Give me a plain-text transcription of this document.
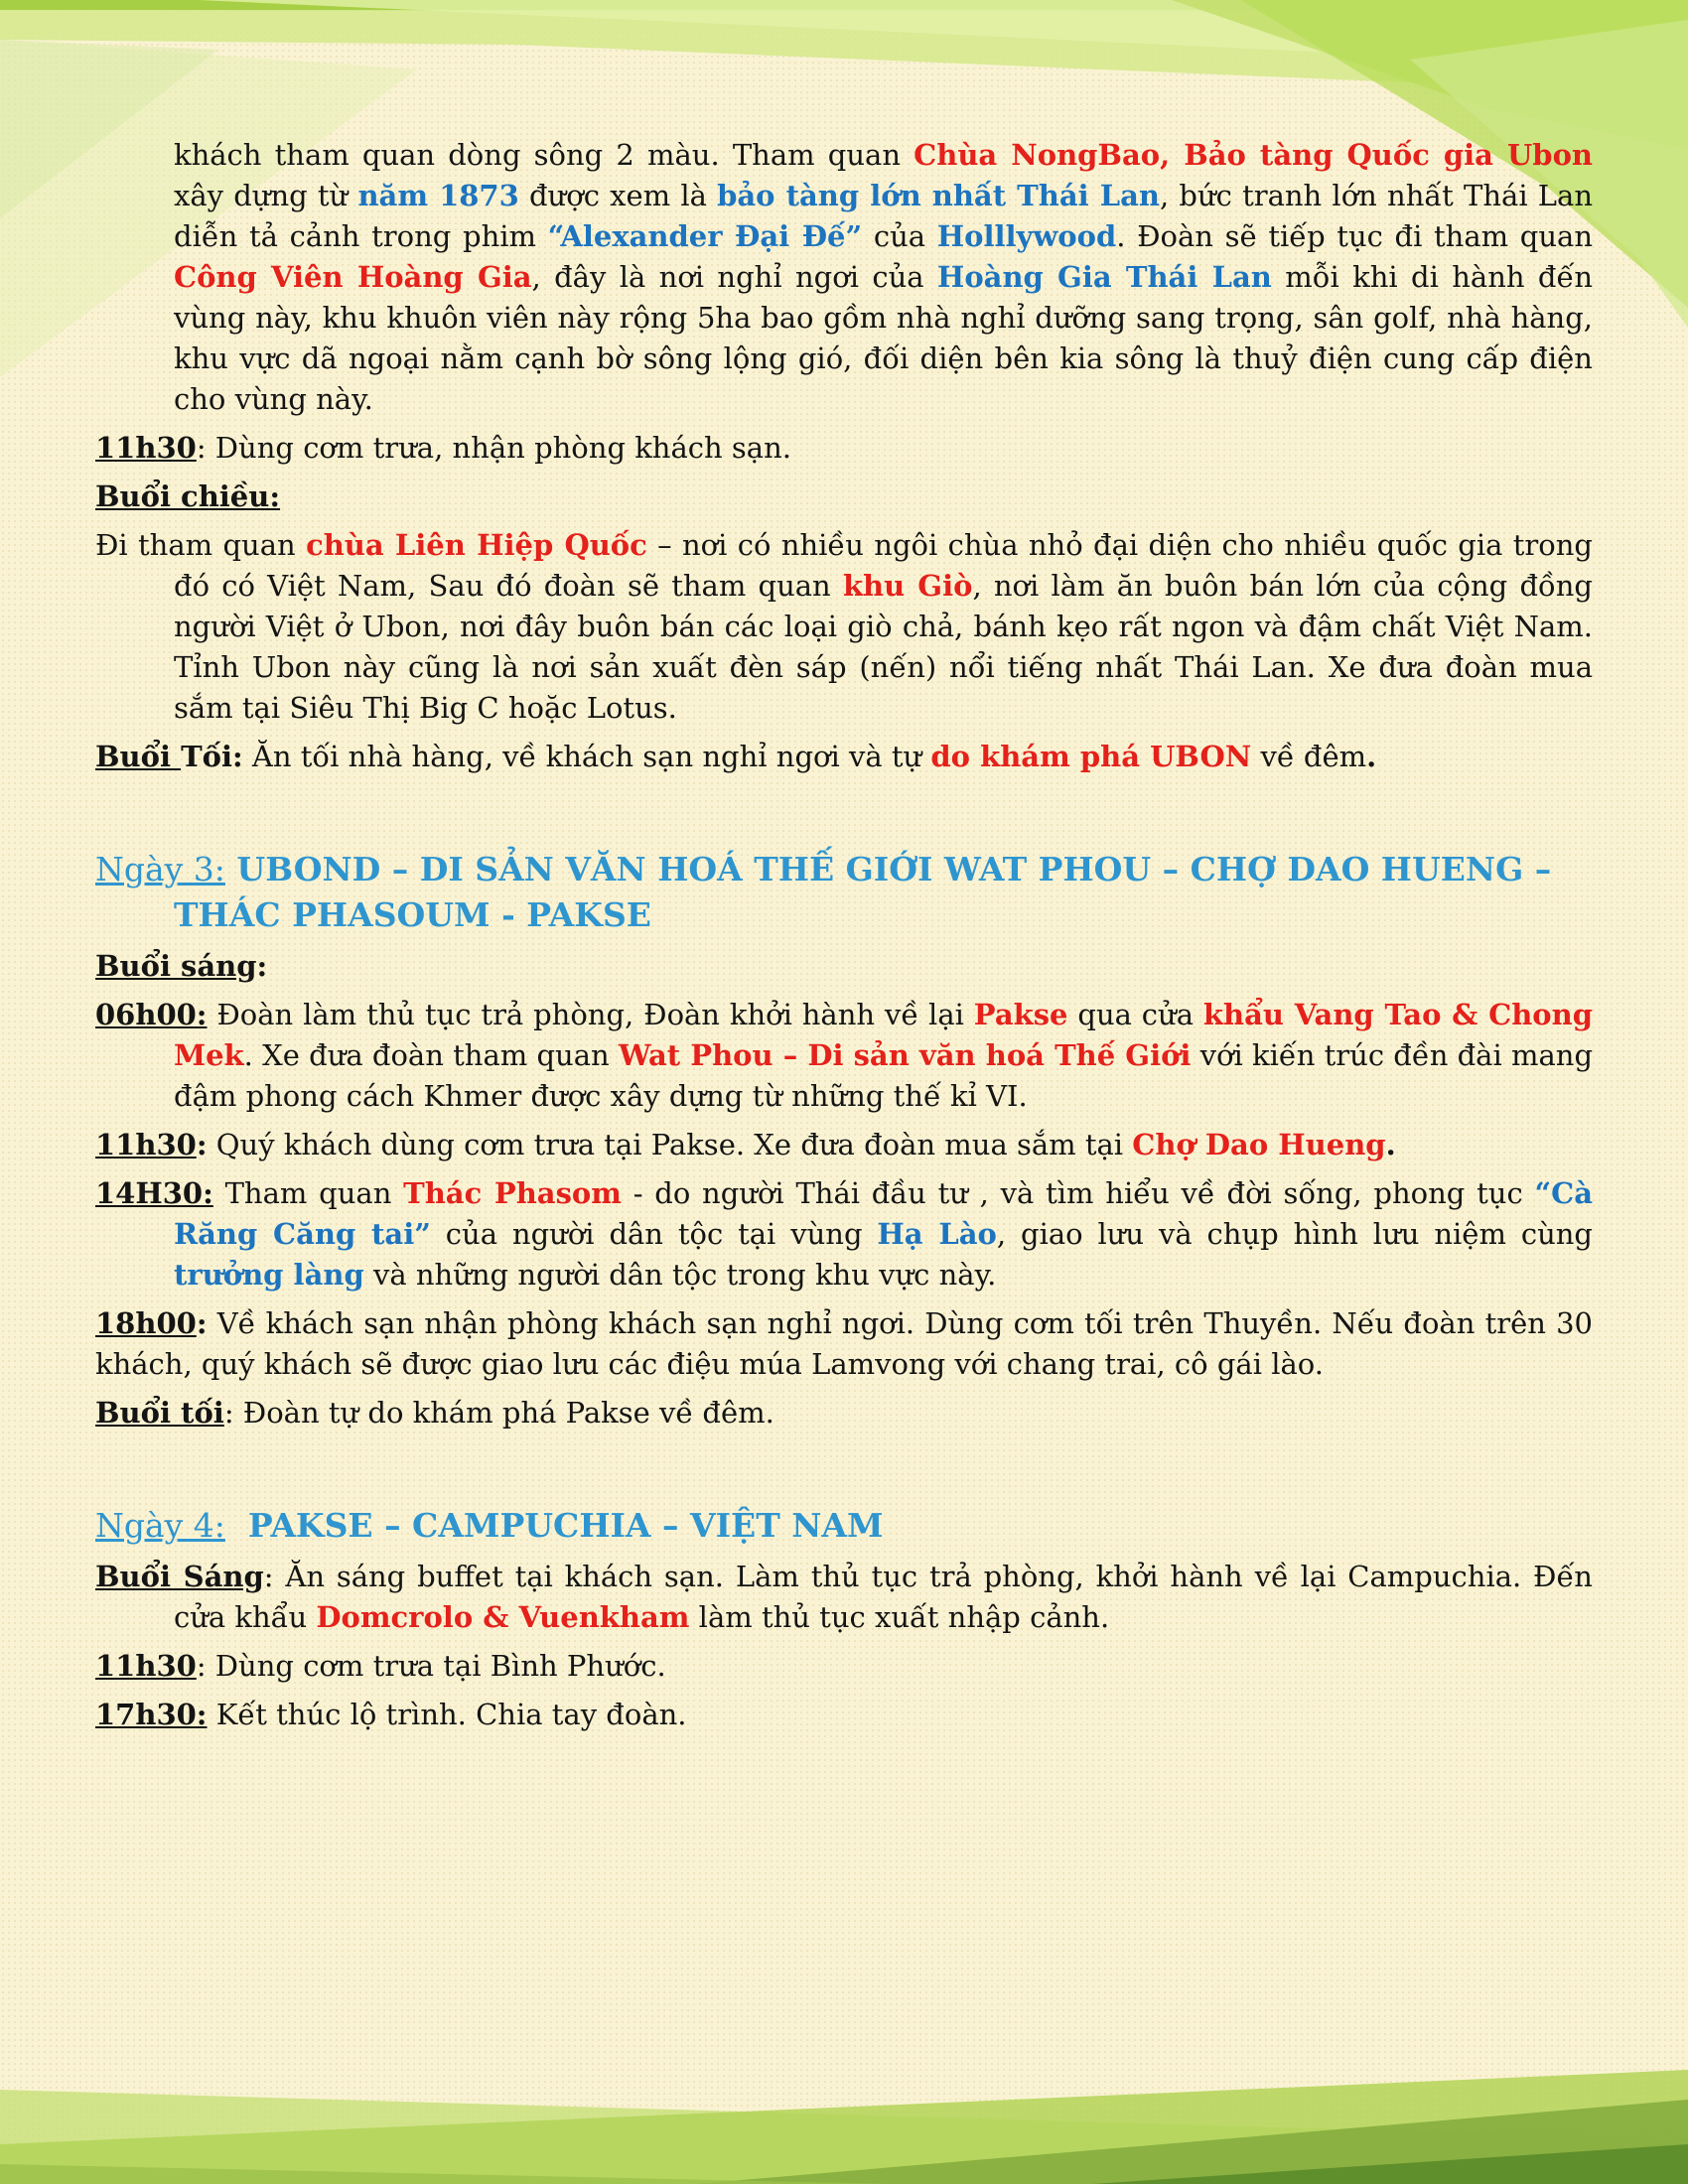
khách tham quan dòng sông 2 màu. Tham quan Chùa NongBao, Bảo tàng Quốc gia Ubon xây dựng từ năm 1873 được xem là bảo tàng lớn nhất Thái Lan, bức tranh lớn nhất Thái Lan diễn tả cảnh trong phim “Alexander Đại Đế” của Holllywood. Đoàn sẽ tiếp tục đi tham quan Công Viên Hoàng Gia, đây là nơi nghỉ ngơi của Hoàng Gia Thái Lan mỗi khi di hành đến vùng này, khu khuôn viên này rộng 5ha bao gồm nhà nghỉ dưỡng sang trọng, sân golf, nhà hàng, khu vực dã ngoại nằm cạnh bờ sông lộng gió, đối diện bên kia sông là thuỷ điện cung cấp điện cho vùng này.

11h30: Dùng cơm trưa, nhận phòng khách sạn.

Buổi chiều:

Đi tham quan chùa Liên Hiệp Quốc – nơi có nhiều ngôi chùa nhỏ đại diện cho nhiều quốc gia trong đó có Việt Nam, Sau đó đoàn sẽ tham quan khu Giò, nơi làm ăn buôn bán lớn của cộng đồng người Việt ở Ubon, nơi đây buôn bán các loại giò chả, bánh kẹo rất ngon và đậm chất Việt Nam. Tỉnh Ubon này cũng là nơi sản xuất đèn sáp (nến) nổi tiếng nhất Thái Lan. Xe đưa đoàn mua sắm tại Siêu Thị Big C hoặc Lotus.

Buổi Tối: Ăn tối nhà hàng, về khách sạn nghỉ ngơi và tự do khám phá UBON về đêm.

Ngày 3: UBOND – DI SẢN VĂN HOÁ THẾ GIỚI WAT PHOU – CHỢ DAO HUENG – THÁC PHASOUM - PAKSE

Buổi sáng:

06h00: Đoàn làm thủ tục trả phòng, Đoàn khởi hành về lại Pakse qua cửa khẩu Vang Tao & Chong Mek. Xe đưa đoàn tham quan Wat Phou – Di sản văn hoá Thế Giới với kiến trúc đền đài mang đậm phong cách Khmer được xây dựng từ những thế kỉ VI.

11h30: Quý khách dùng cơm trưa tại Pakse. Xe đưa đoàn mua sắm tại Chợ Dao Hueng.

14H30: Tham quan Thác Phasom - do người Thái đầu tư , và tìm hiểu về đời sống, phong tục “Cà Răng Căng tai” của người dân tộc tại vùng Hạ Lào, giao lưu và chụp hình lưu niệm cùng trưởng làng và những người dân tộc trong khu vực này.

18h00: Về khách sạn nhận phòng khách sạn nghỉ ngơi. Dùng cơm tối trên Thuyền. Nếu đoàn trên 30 khách, quý khách sẽ được giao lưu các điệu múa Lamvong với chang trai, cô gái lào.

Buổi tối: Đoàn tự do khám phá Pakse về đêm.

Ngày 4:  PAKSE – CAMPUCHIA – VIỆT NAM

Buổi Sáng: Ăn sáng buffet tại khách sạn. Làm thủ tục trả phòng, khởi hành về lại Campuchia. Đến cửa khẩu Domcrolo & Vuenkham làm thủ tục xuất nhập cảnh.

11h30: Dùng cơm trưa tại Bình Phước.

17h30: Kết thúc lộ trình. Chia tay đoàn.
